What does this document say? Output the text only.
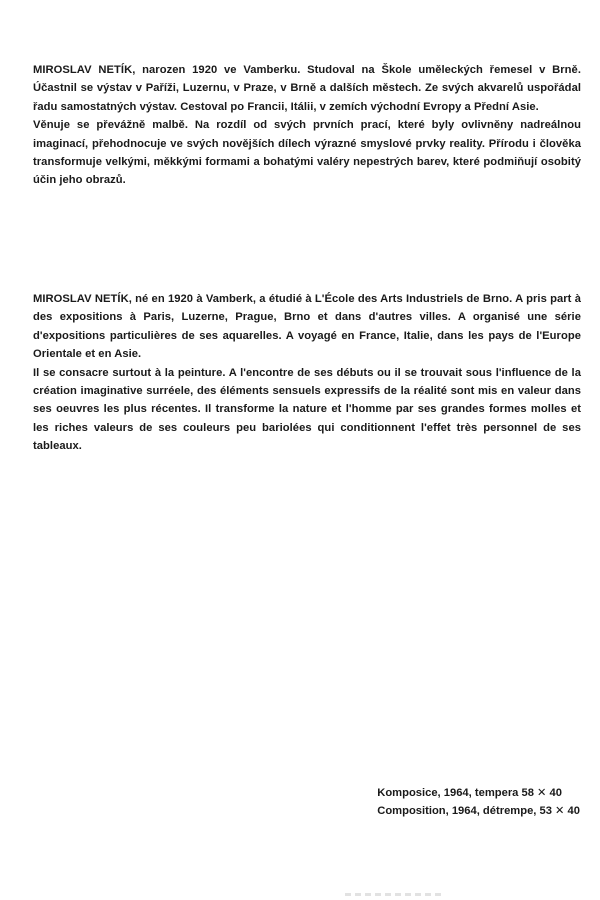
MIROSLAV NETÍK, narozen 1920 ve Vamberku. Studoval na Škole uměleckých řemesel v Brně. Účastnil se výstav v Paříži, Luzernu, v Praze, v Brně a dalších městech. Ze svých akvarelů uspořádal řadu samostatných výstav. Cestoval po Francii, Itálii, v zemích východní Evropy a Přední Asie.

Věnuje se převážně malbě. Na rozdíl od svých prvních prací, které byly ovlivněny nadreálnou imaginací, přehodnocuje ve svých novějších dílech výrazné smyslové prvky reality. Přírodu i člověka transformuje velkými, měkkými formami a bohatými valéry nepestrých barev, které podmiňují osobitý účin jeho obrazů.

MIROSLAV NETÍK, né en 1920 à Vamberk, a étudié à L'École des Arts Industriels de Brno. A pris part à des expositions à Paris, Luzerne, Prague, Brno et dans d'autres villes. A organisé une série d'expositions particulières de ses aquarelles. A voyagé en France, Italie, dans les pays de l'Europe Orientale et en Asie.

Il se consacre surtout à la peinture. A l'encontre de ses débuts ou il se trouvait sous l'influence de la création imaginative surréele, des éléments sensuels expressifs de la réalité sont mis en valeur dans ses oeuvres les plus récentes. Il transforme la nature et l'homme par ses grandes formes molles et les riches valeurs de ses couleurs peu bariolées qui conditionnent l'effet très personnel de ses tableaux.

Komposice, 1964, tempera 58 ✕ 40
Composition, 1964, détrempe, 53 ✕ 40
